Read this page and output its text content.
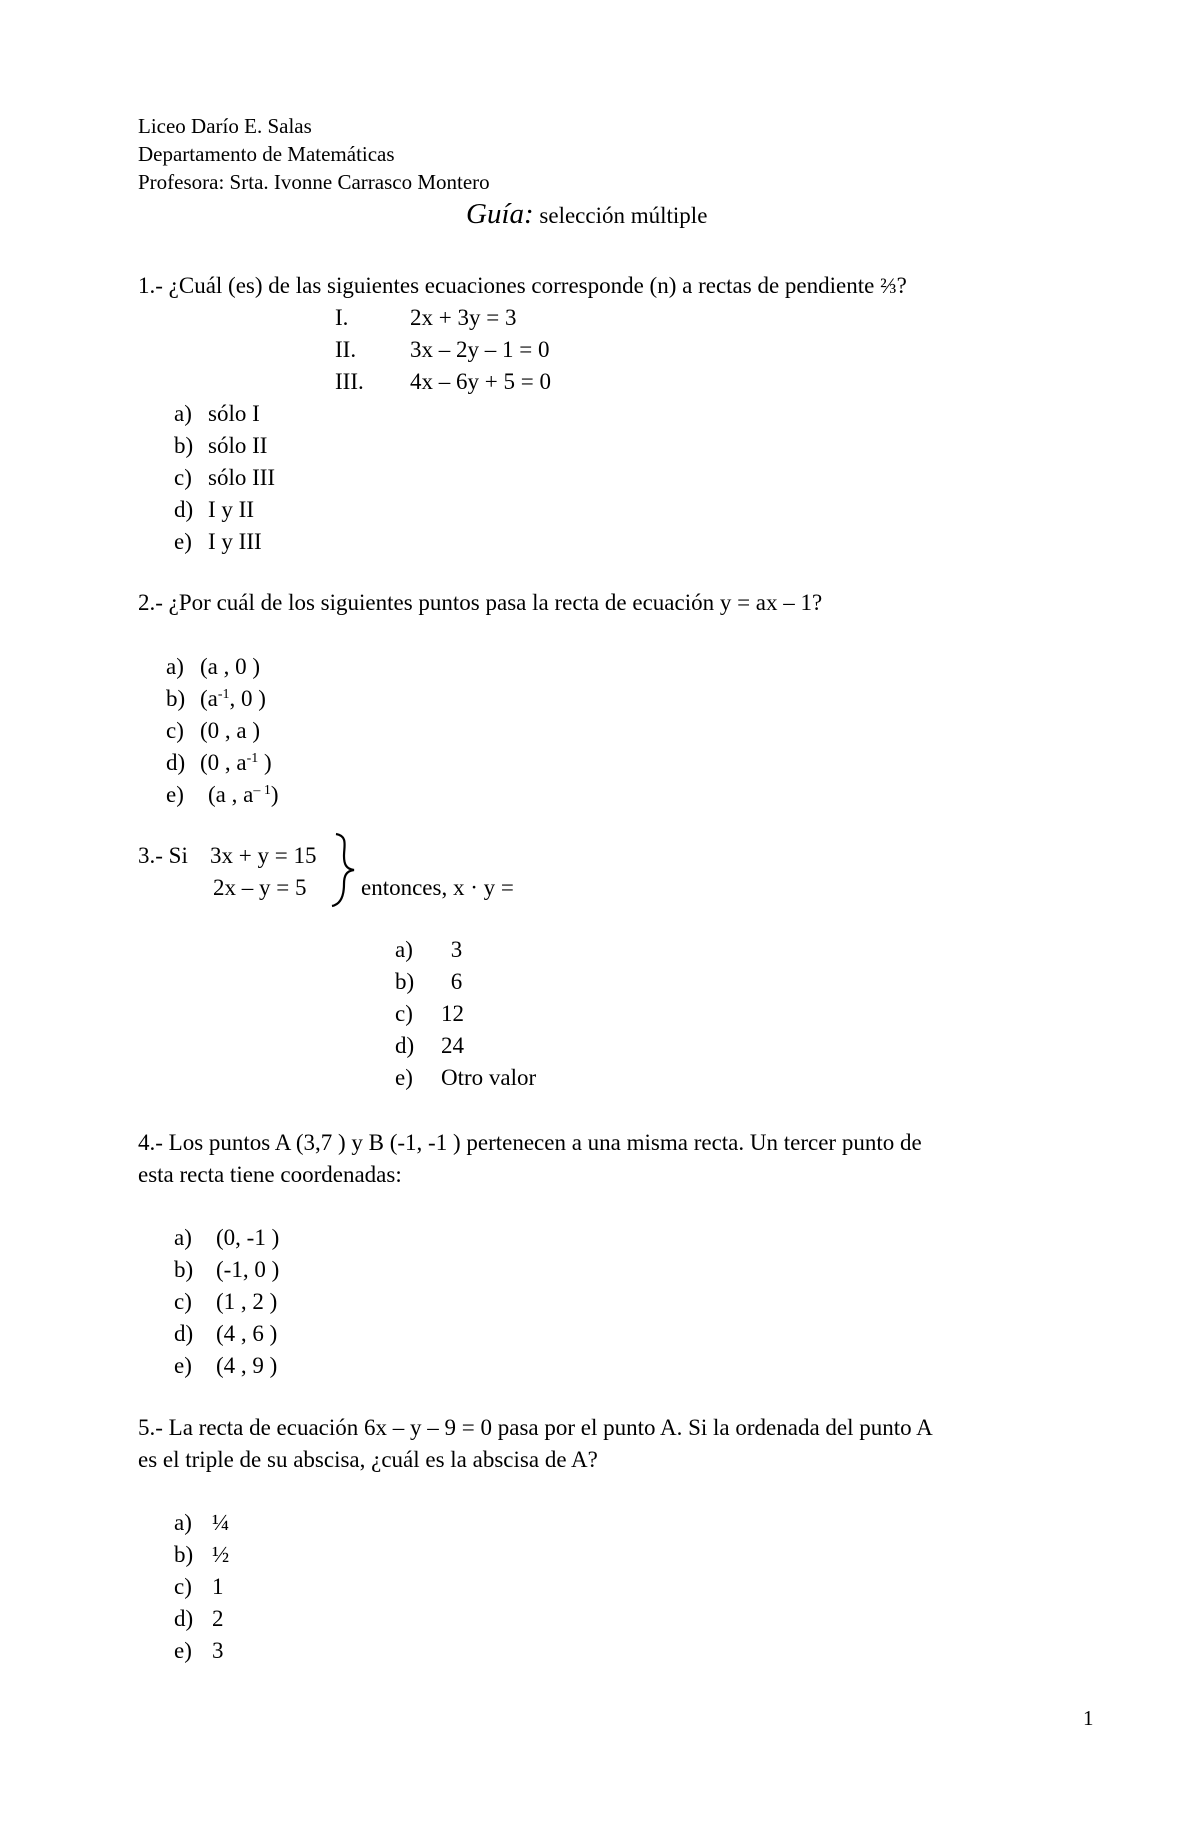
Liceo Darío E. Salas
Departamento de Matemáticas
Profesora: Srta. Ivonne Carrasco Montero
Guía: selección múltiple
1.- ¿Cuál (es) de las siguientes ecuaciones corresponde (n) a rectas de pendiente ⅔?
I.	2x + 3y = 3
II. 3x – 2y – 1 = 0
III. 4x – 6y + 5 = 0
a) sólo I
b) sólo II
c) sólo III
d) I y II
e) I y III
2.- ¿Por cuál de los siguientes puntos pasa la recta de ecuación y = ax – 1?
a) (a , 0 )
b) ($a^{-1}$, 0 )
c) (0 , a )
d) (0 , $a^{-1}$ )
e) (a , $a^{- 1}$)
3.- Si 3x + y = 15
2x – y = 5 entonces, x · y =
a) 3
b) 6
c) 12
d) 24
e) Otro valor
4.- Los puntos A (3,7 ) y B (-1, -1 ) pertenecen a una misma recta. Un tercer punto de
esta recta tiene coordenadas:
a) (0, -1 )
b) (-1, 0 )
c) (1 , 2 )
d) (4 , 6 )
e) (4 , 9 )
5.- La recta de ecuación 6x – y – 9 = 0 pasa por el punto A. Si la ordenada del punto A
es el triple de su abscisa, ¿cuál es la abscisa de A?
a) ¼
b) ½
c) 1
d) 2
e) 3
1
